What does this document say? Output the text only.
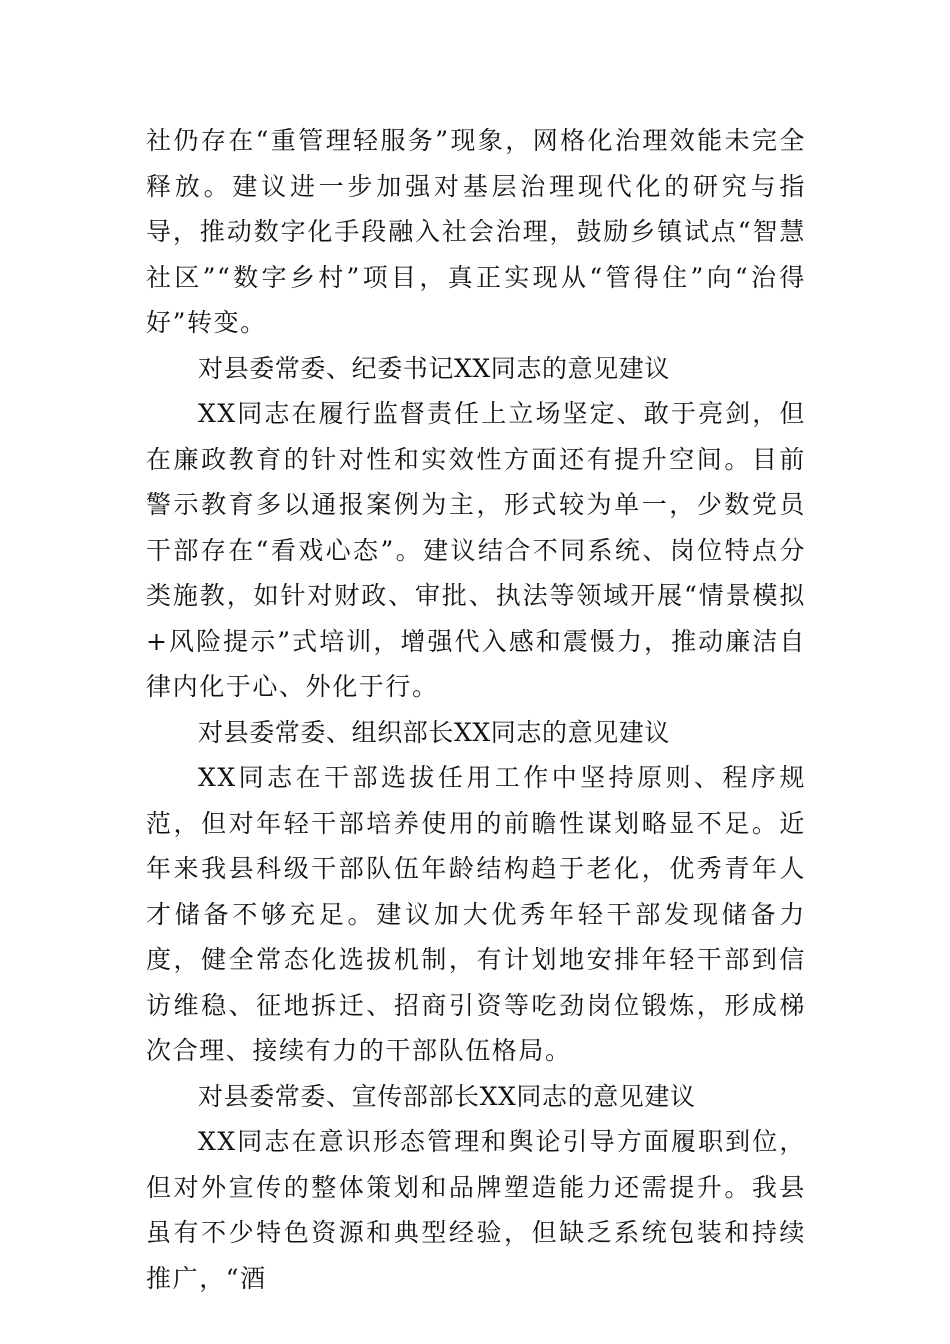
社仍存在“重管理轻服务”现象，网格化治理效能未完全释放。建议进一步加强对基层治理现代化的研究与指导，推动数字化手段融入社会治理，鼓励乡镇试点“智慧社区”“数字乡村”项目，真正实现从“管得住”向“治得好”转变。

对县委常委、纪委书记XX同志的意见建议

XX同志在履行监督责任上立场坚定、敢于亮剑，但在廉政教育的针对性和实效性方面还有提升空间。目前警示教育多以通报案例为主，形式较为单一，少数党员干部存在“看戏心态”。建议结合不同系统、岗位特点分类施教，如针对财政、审批、执法等领域开展“情景模拟+风险提示”式培训，增强代入感和震慑力，推动廉洁自律内化于心、外化于行。

对县委常委、组织部长XX同志的意见建议

XX同志在干部选拔任用工作中坚持原则、程序规范，但对年轻干部培养使用的前瞻性谋划略显不足。近年来我县科级干部队伍年龄结构趋于老化，优秀青年人才储备不够充足。建议加大优秀年轻干部发现储备力度，健全常态化选拔机制，有计划地安排年轻干部到信访维稳、征地拆迁、招商引资等吃劲岗位锻炼，形成梯次合理、接续有力的干部队伍格局。

对县委常委、宣传部部长XX同志的意见建议

XX同志在意识形态管理和舆论引导方面履职到位，但对外宣传的整体策划和品牌塑造能力还需提升。我县虽有不少特色资源和典型经验，但缺乏系统包装和持续推广，“酒
